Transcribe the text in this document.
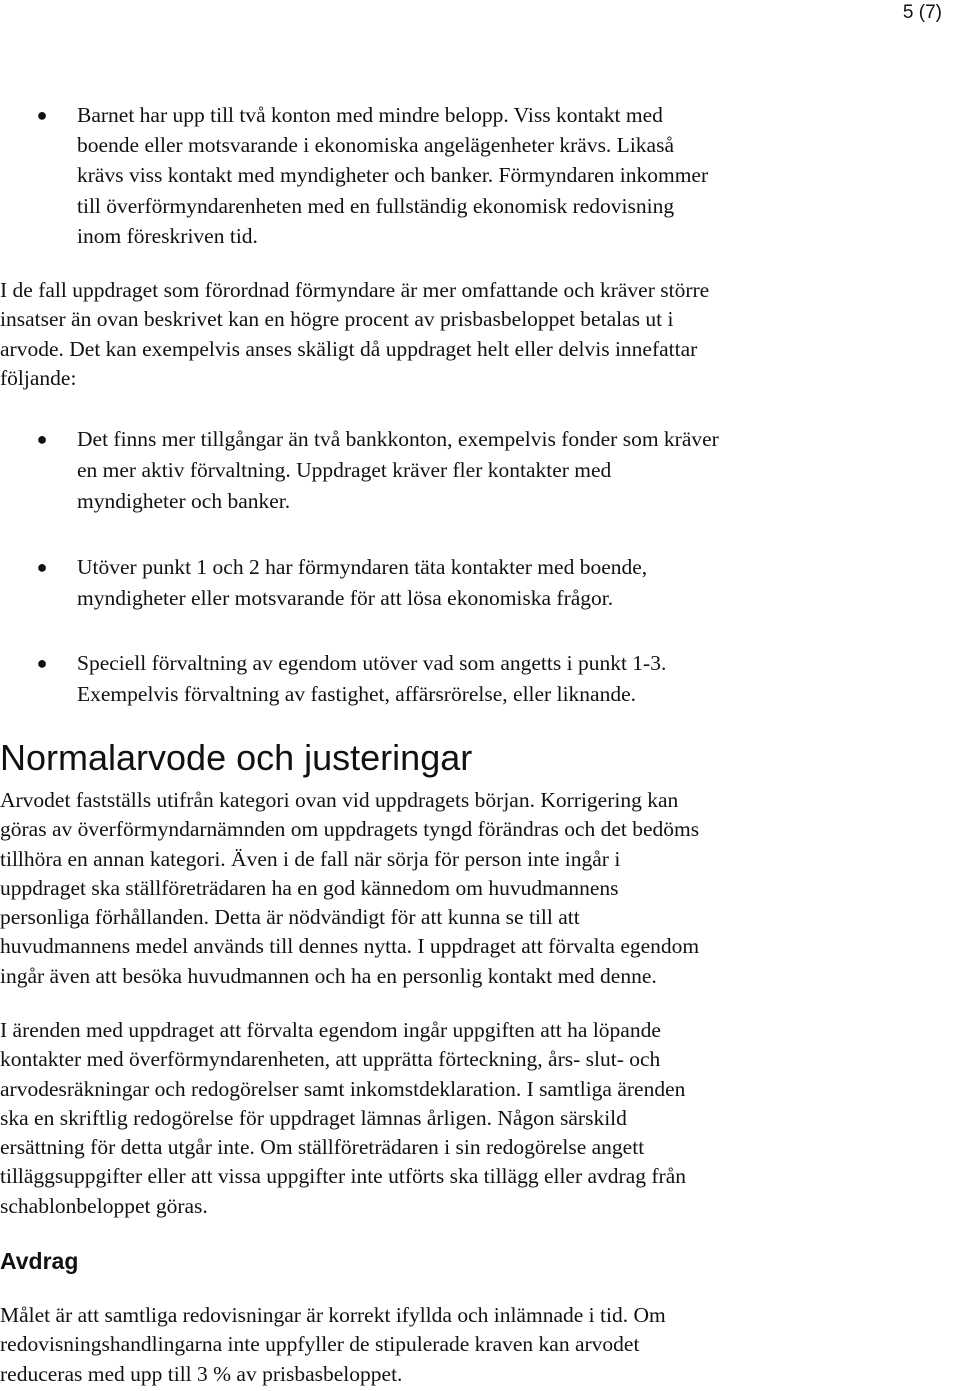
5 (7)
● Barnet har upp till två konton med mindre belopp. Viss kontakt med
boende eller motsvarande i ekonomiska angelägenheter krävs. Likaså
krävs viss kontakt med myndigheter och banker. Förmyndaren inkommer
till överförmyndarenheten med en fullständig ekonomisk redovisning
inom föreskriven tid.
I de fall uppdraget som förordnad förmyndare är mer omfattande och kräver större
insatser än ovan beskrivet kan en högre procent av prisbasbeloppet betalas ut i
arvode. Det kan exempelvis anses skäligt då uppdraget helt eller delvis innefattar
följande:
● Det finns mer tillgångar än två bankkonton, exempelvis fonder som kräver
en mer aktiv förvaltning. Uppdraget kräver fler kontakter med
myndigheter och banker.
● Utöver punkt 1 och 2 har förmyndaren täta kontakter med boende,
myndigheter eller motsvarande för att lösa ekonomiska frågor.
● Speciell förvaltning av egendom utöver vad som angetts i punkt 1-3.
Exempelvis förvaltning av fastighet, affärsrörelse, eller liknande.
Normalarvode och justeringar
Arvodet fastställs utifrån kategori ovan vid uppdragets början. Korrigering kan
göras av överförmyndarnämnden om uppdragets tyngd förändras och det bedöms
tillhöra en annan kategori. Även i de fall när sörja för person inte ingår i
uppdraget ska ställföreträdaren ha en god kännedom om huvudmannens
personliga förhållanden. Detta är nödvändigt för att kunna se till att
huvudmannens medel används till dennes nytta. I uppdraget att förvalta egendom
ingår även att besöka huvudmannen och ha en personlig kontakt med denne.
I ärenden med uppdraget att förvalta egendom ingår uppgiften att ha löpande
kontakter med överförmyndarenheten, att upprätta förteckning, års- slut- och
arvodesräkningar och redogörelser samt inkomstdeklaration. I samtliga ärenden
ska en skriftlig redogörelse för uppdraget lämnas årligen. Någon särskild
ersättning för detta utgår inte. Om ställföreträdaren i sin redogörelse angett
tilläggsuppgifter eller att vissa uppgifter inte utförts ska tillägg eller avdrag från
schablonbeloppet göras.
Avdrag
Målet är att samtliga redovisningar är korrekt ifyllda och inlämnade i tid. Om
redovisningshandlingarna inte uppfyller de stipulerade kraven kan arvodet
reduceras med upp till 3 % av prisbasbeloppet.
